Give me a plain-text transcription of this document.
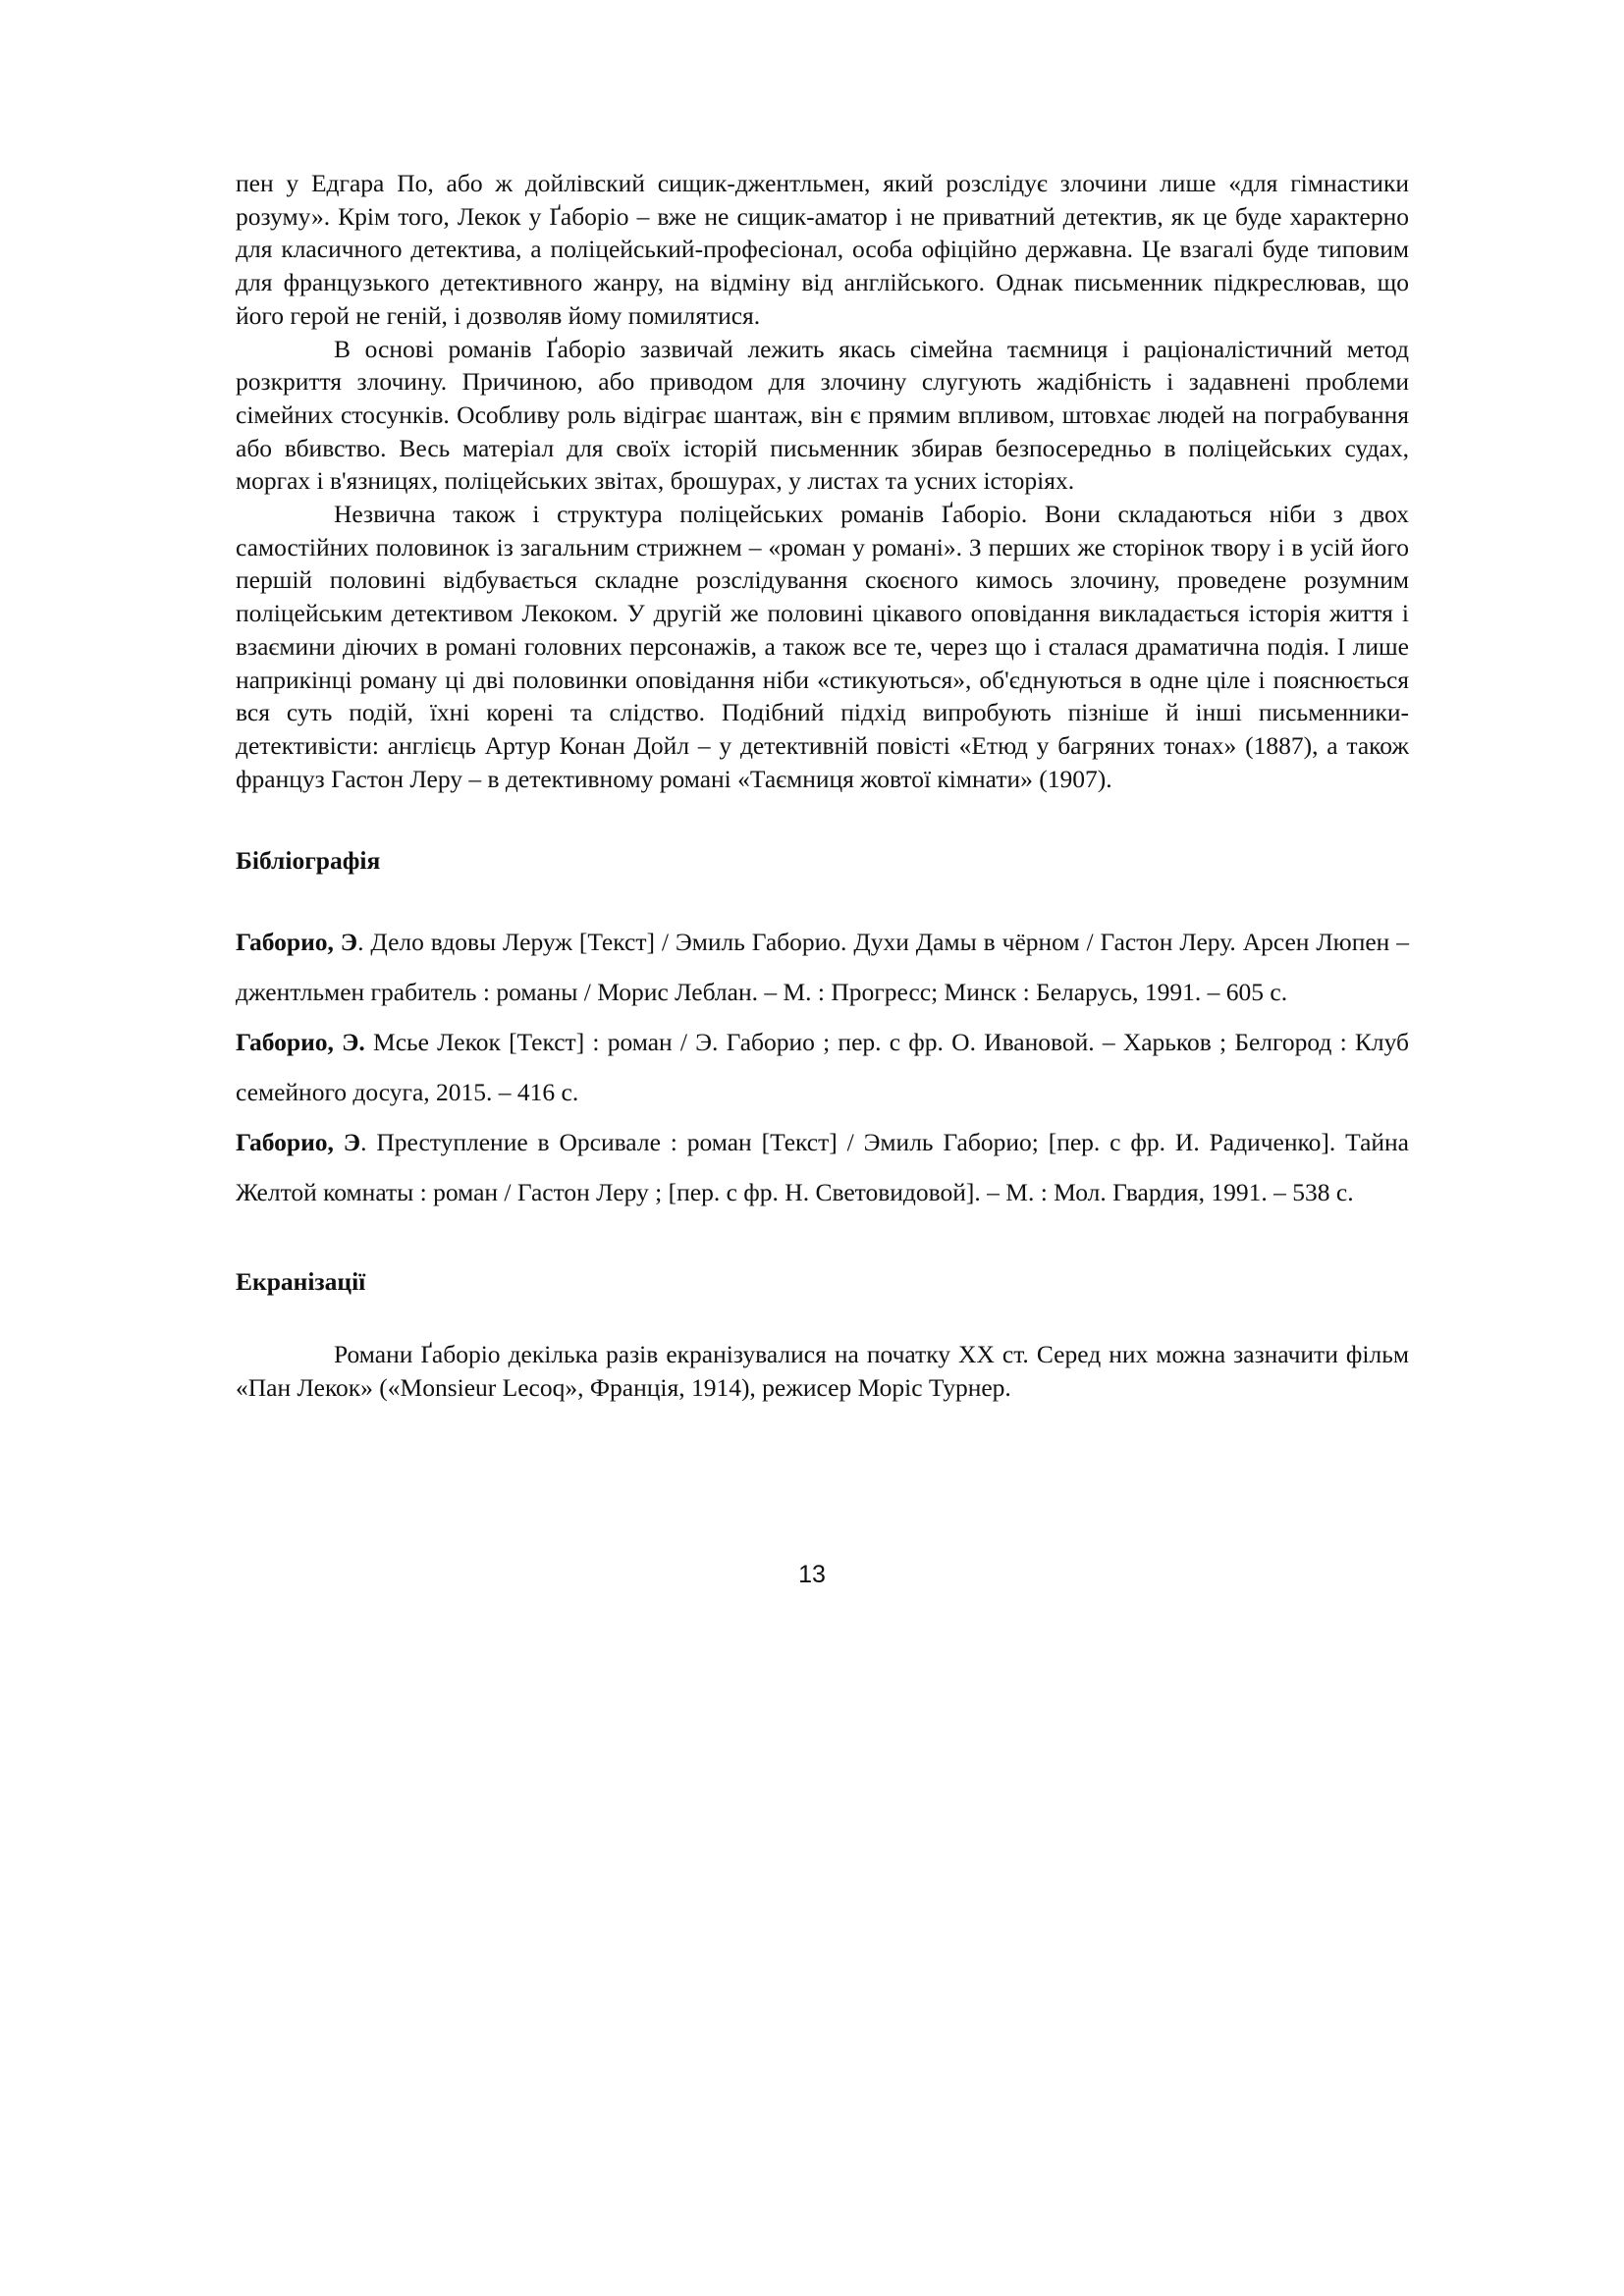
пен у Едгара По, або ж дойлівский сищик-джентльмен, який розслідує злочини лише «для гімнастики розуму». Крім того, Лекок у Ґаборіо – вже не сищик-аматор і не приватний детектив, як це буде характерно для класичного детектива, а поліцейський-професіонал, особа офіційно державна. Це взагалі буде типовим для французького детективного жанру, на відміну від англійського. Однак письменник підкреслював, що його герой не геній, і дозволяв йому помилятися.

В основі романів Ґаборіо зазвичай лежить якась сімейна таємниця і раціоналістичний метод розкриття злочину. Причиною, або приводом для злочину слугують жадібність і задавнені проблеми сімейних стосунків. Особливу роль відіграє шантаж, він є прямим впливом, штовхає людей на пограбування або вбивство. Весь матеріал для своїх історій письменник збирав безпосередньо в поліцейських судах, моргах і в'язницях, поліцейських звітах, брошурах, у листах та усних історіях.

Незвична також і структура поліцейських романів Ґаборіо. Вони складаються ніби з двох самостійних половинок із загальним стрижнем – «роман у романі». З перших же сторінок твору і в усій його першій половині відбувається складне розслідування скоєного кимось злочину, проведене розумним поліцейським детективом Лекоком. У другій же половині цікавого оповідання викладається історія життя і взаємини діючих в романі головних персонажів, а також все те, через що і сталася драматична подія. І лише наприкінці роману ці дві половинки оповідання ніби «стикуються», об'єднуються в одне ціле і пояснюється вся суть подій, їхні корені та слідство. Подібний підхід випробують пізніше й інші письменники-детективісти: англієць Артур Конан Дойл – у детективній повісті «Етюд у багряних тонах» (1887), а також француз Гастон Леру – в детективному романі «Таємниця жовтої кімнати» (1907).

Бібліографія

Габорио, Э. Дело вдовы Леруж [Текст] / Эмиль Габорио. Духи Дамы в чёрном / Гастон Леру. Арсен Люпен – джентльмен грабитель : романы / Морис Леблан. – М. : Прогресс; Минск : Беларусь, 1991. – 605 с.

Габорио, Э. Мсье Лекок [Текст] : роман / Э. Габорио ; пер. с фр. О. Ивановой. – Харьков ; Белгород : Клуб семейного досуга, 2015. – 416 с.

Габорио, Э. Преступление в Орсивале : роман [Текст] / Эмиль Габорио; [пер. с фр. И. Радиченко]. Тайна Желтой комнаты : роман / Гастон Леру ; [пер. с фр. Н. Световидовой]. – М. : Мол. Гвардия, 1991. – 538 с.

Екранізації

Романи Ґаборіо декілька разів екранізувалися на початку XX ст. Серед них можна зазначити фільм «Пан Лекок» («Monsieur Lecoq», Франція, 1914), режисер Моріс Турнер.

13
